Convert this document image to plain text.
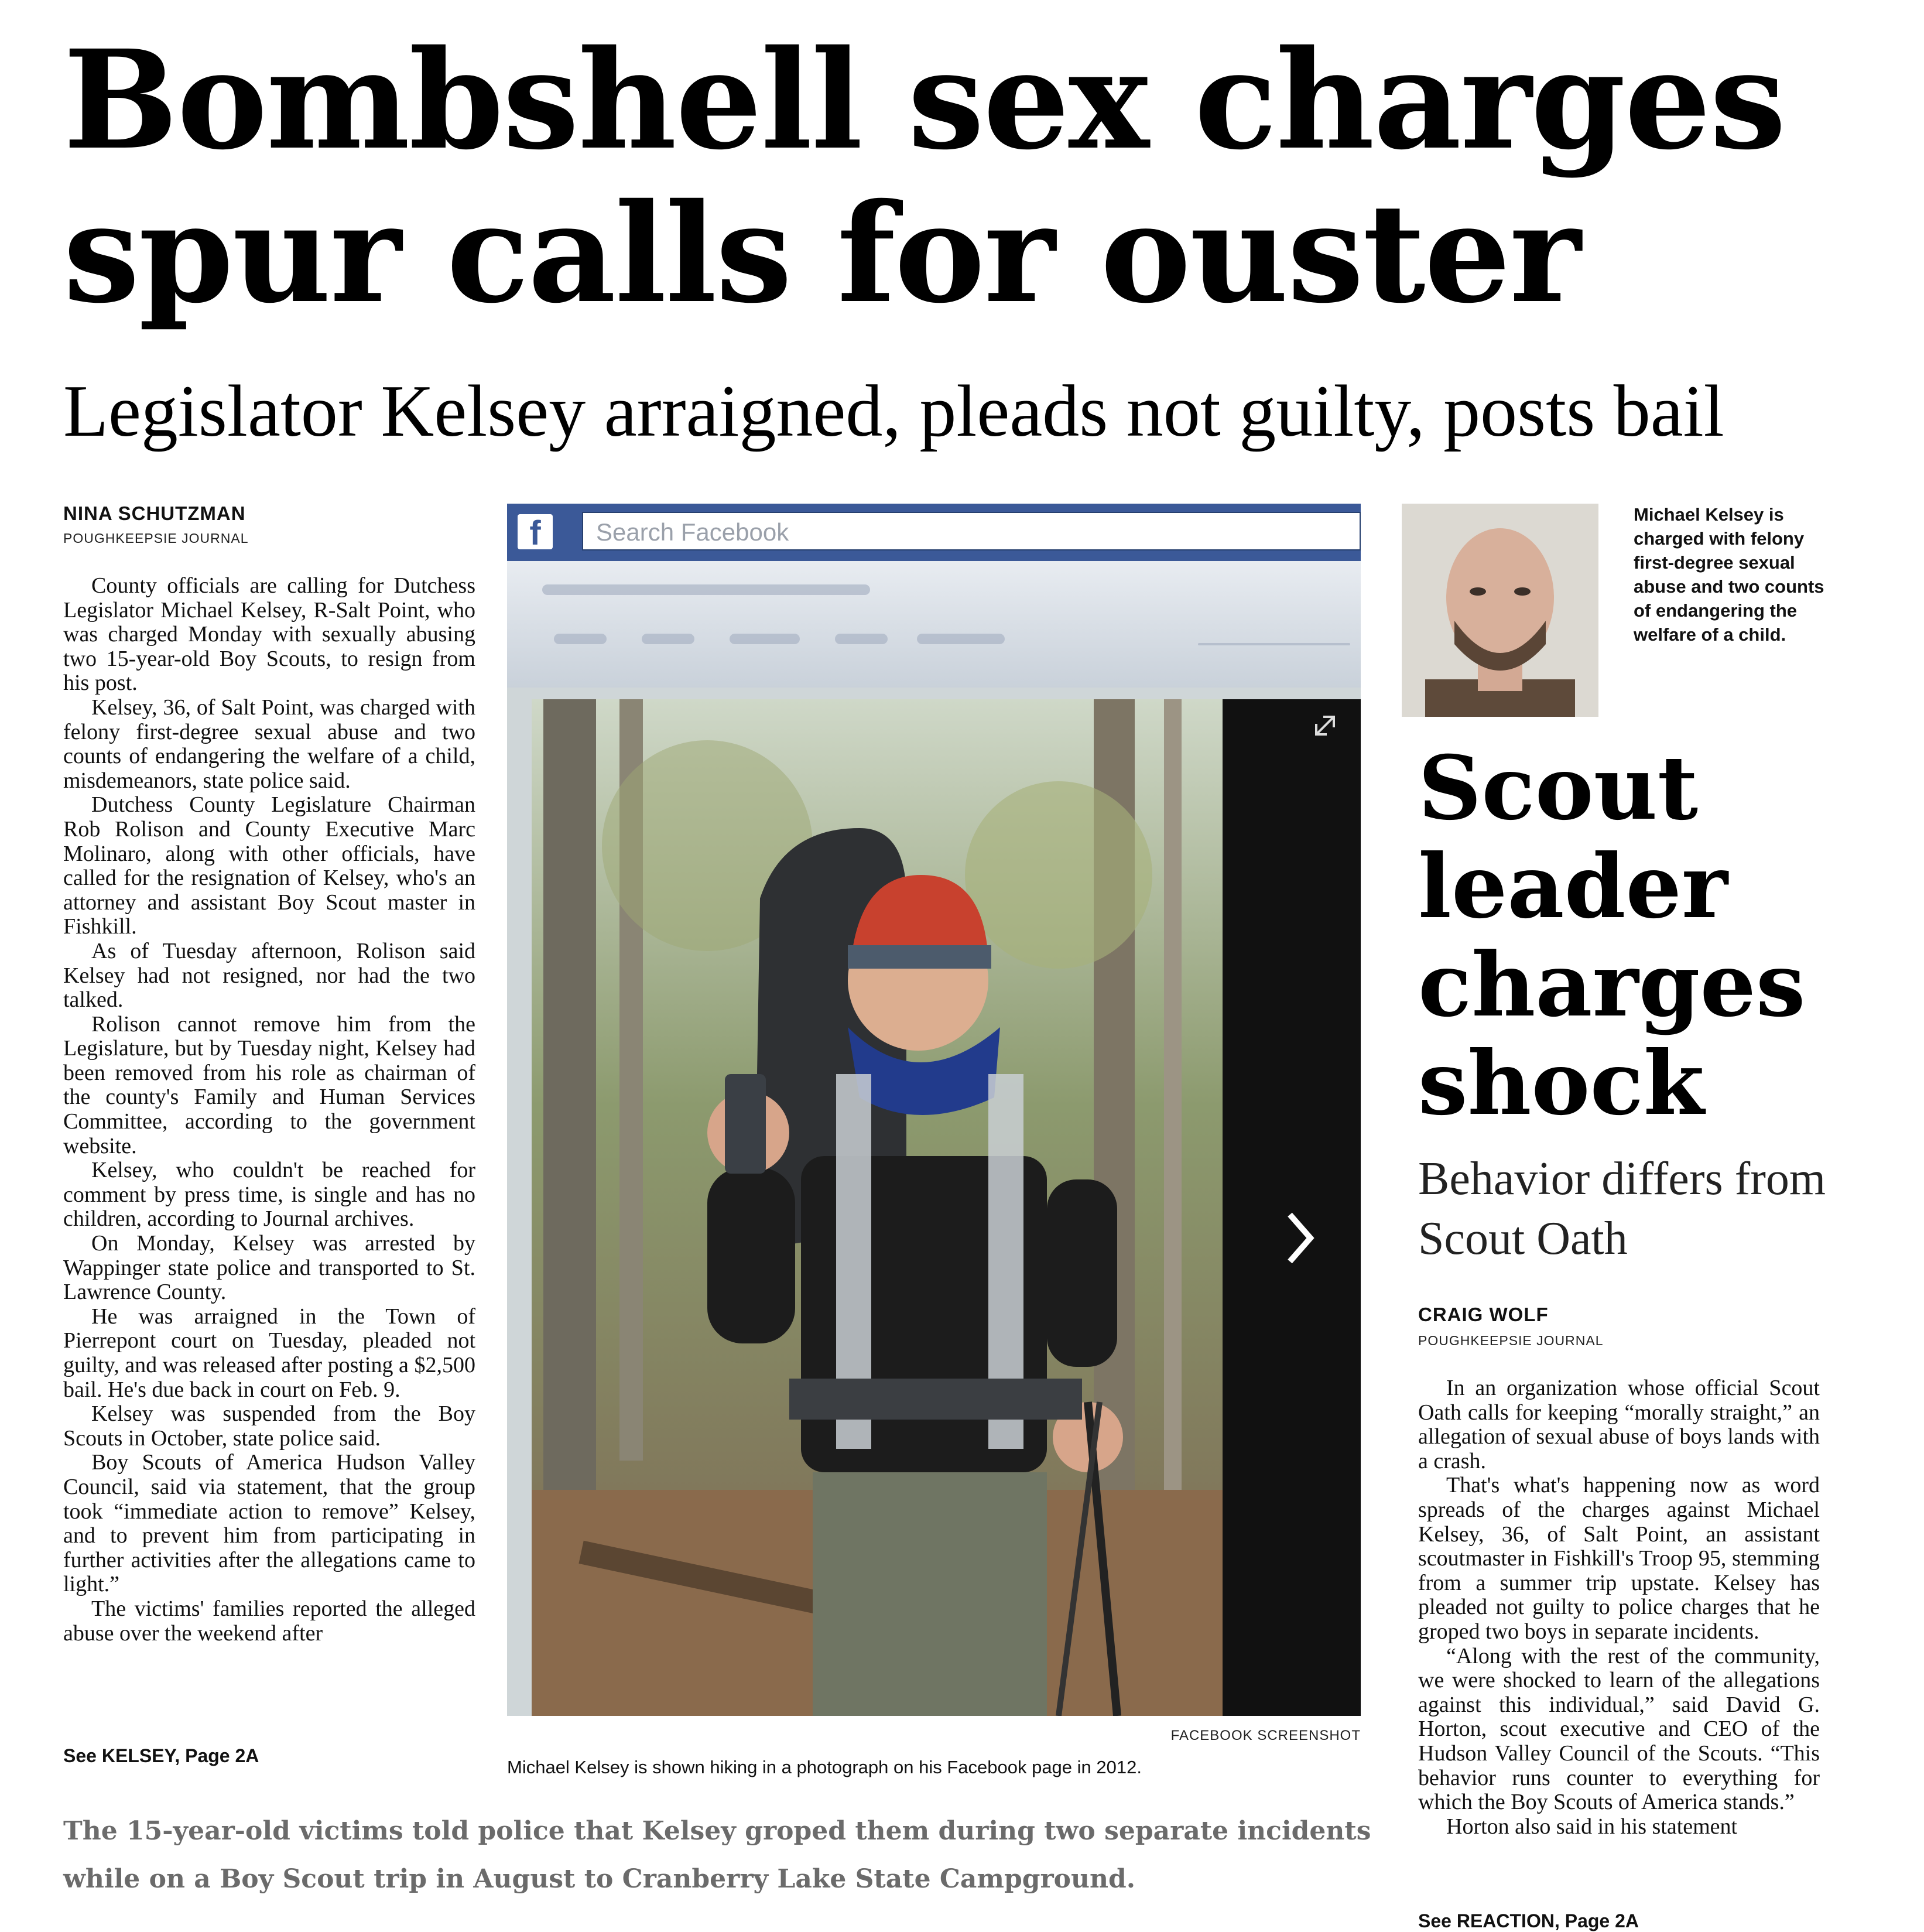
Bombshell sex charges
spur calls for ouster
Legislator Kelsey arraigned, pleads not guilty, posts bail
NINA SCHUTZMAN
POUGHKEEPSIE JOURNAL

County officials are calling for Dutchess Legislator Michael Kelsey, R-Salt Point, who was charged Monday with sexually abusing two 15-year-old Boy Scouts, to resign from his post.

Kelsey, 36, of Salt Point, was charged with felony first-degree sexual abuse and two counts of endangering the welfare of a child, misdemeanors, state police said.

Dutchess County Legislature Chairman Rob Rolison and County Executive Marc Molinaro, along with other officials, have called for the resignation of Kelsey, who's an attorney and assistant Boy Scout master in Fishkill.

As of Tuesday afternoon, Rolison said Kelsey had not resigned, nor had the two talked.

Rolison cannot remove him from the Legislature, but by Tuesday night, Kelsey had been removed from his role as chairman of the county's Family and Human Services Committee, according to the government website.

Kelsey, who couldn't be reached for comment by press time, is single and has no children, according to Journal archives.

On Monday, Kelsey was arrested by Wappinger state police and transported to St. Lawrence County.

He was arraigned in the Town of Pierrepont court on Tuesday, pleaded not guilty, and was released after posting a $2,500 bail. He's due back in court on Feb. 9.

Kelsey was suspended from the Boy Scouts in October, state police said.

Boy Scouts of America Hudson Valley Council, said via statement, that the group took “immediate action to remove” Kelsey, and to prevent him from participating in further activities after the allegations came to light.”

The victims' families reported the alleged abuse over the weekend after

See KELSEY, Page 2A
f	Search Facebook
FACEBOOK SCREENSHOT
Michael Kelsey is shown hiking in a photograph on his Facebook page in 2012.
The 15-year-old victims told police that Kelsey groped them during two separate incidents while on a Boy Scout trip in August to Cranberry Lake State Campground.
Michael Kelsey is charged with felony first-degree sexual abuse and two counts of endangering the welfare of a child.
Scout
leader
charges
shock
Behavior differs from Scout Oath
CRAIG WOLF
POUGHKEEPSIE JOURNAL

In an organization whose official Scout Oath calls for keeping “morally straight,” an allegation of sexual abuse of boys lands with a crash.

That's what's happening now as word spreads of the charges against Michael Kelsey, 36, of Salt Point, an assistant scoutmaster in Fishkill's Troop 95, stemming from a summer trip upstate. Kelsey has pleaded not guilty to police charges that he groped two boys in separate incidents.

“Along with the rest of the community, we were shocked to learn of the allegations against this individual,” said David G. Horton, scout executive and CEO of the Hudson Valley Council of the Scouts. “This behavior runs counter to everything for which the Boy Scouts of America stands.”

Horton also said in his statement

See REACTION, Page 2A
